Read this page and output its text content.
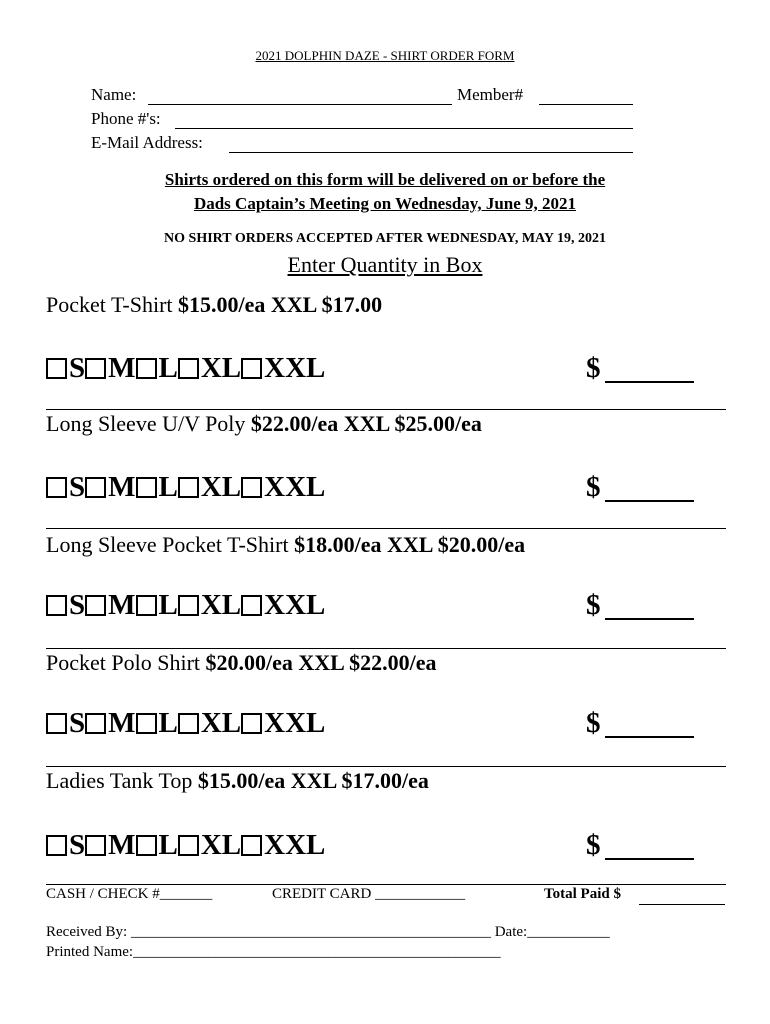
2021 DOLPHIN DAZE - SHIRT ORDER FORM
Name:	Member#
Phone #'s:
E-Mail Address:
Shirts ordered on this form will be delivered on or before the
Dads Captain’s Meeting on Wednesday, June 9, 2021
NO SHIRT ORDERS ACCEPTED AFTER WEDNESDAY, MAY 19, 2021
Enter Quantity in Box
Pocket T-Shirt $15.00/ea XXL $17.00
S M L XL XXL	$
Long Sleeve U/V Poly $22.00/ea XXL $25.00/ea
S M L XL XXL	$
Long Sleeve Pocket T-Shirt $18.00/ea XXL $20.00/ea
S M L XL XXL	$
Pocket Polo Shirt $20.00/ea XXL $22.00/ea
S M L XL XXL	$
Ladies Tank Top $15.00/ea XXL $17.00/ea
S M L XL XXL	$
CASH / CHECK #_______	CREDIT CARD ____________	Total Paid $
Received By: ________________________________________________ Date:___________
Printed Name:_________________________________________________
